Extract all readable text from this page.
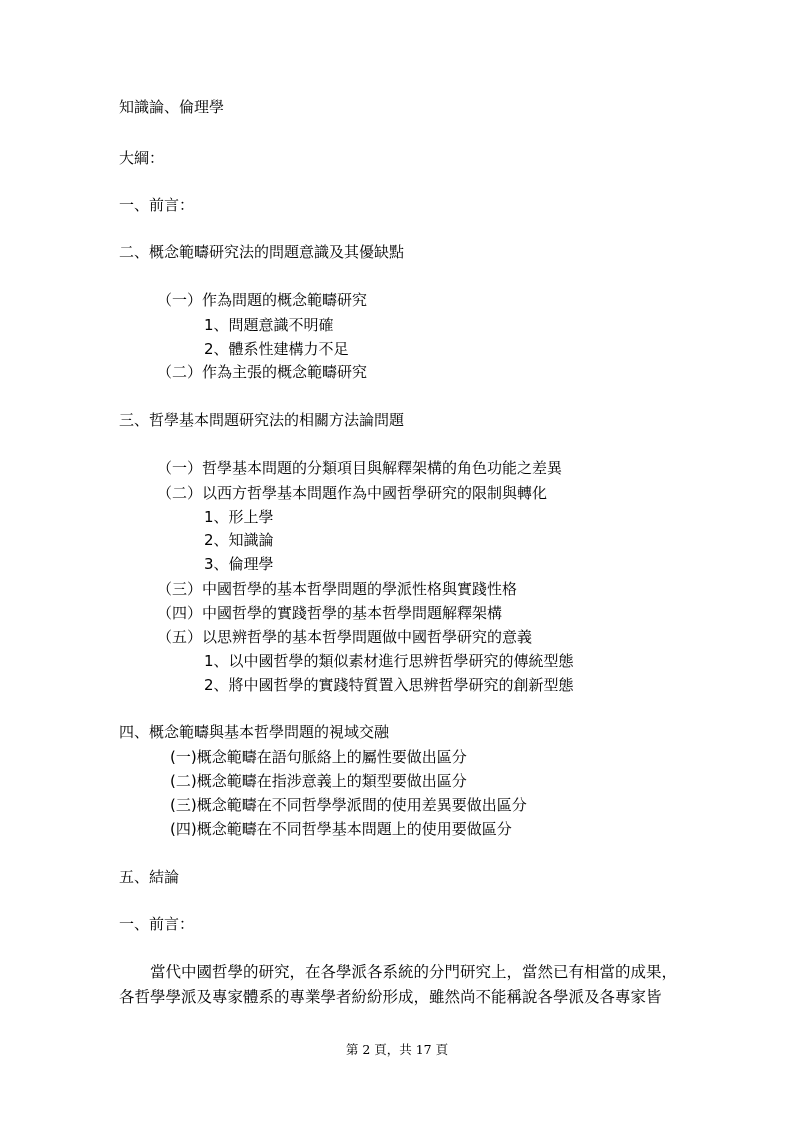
知識論、倫理學
大綱：
一、前言：
二、概念範疇研究法的問題意識及其優缺點
（一）作為問題的概念範疇研究
1、問題意識不明確
2、體系性建構力不足
（二）作為主張的概念範疇研究
三、哲學基本問題研究法的相關方法論問題
（一）哲學基本問題的分類項目與解釋架構的角色功能之差異
（二）以西方哲學基本問題作為中國哲學研究的限制與轉化
1、形上學
2、知識論
3、倫理學
（三）中國哲學的基本哲學問題的學派性格與實踐性格
（四）中國哲學的實踐哲學的基本哲學問題解釋架構
（五）以思辨哲學的基本哲學問題做中國哲學研究的意義
1、以中國哲學的類似素材進行思辨哲學研究的傳統型態
2、將中國哲學的實踐特質置入思辨哲學研究的創新型態
四、概念範疇與基本哲學問題的視域交融
(一)概念範疇在語句脈絡上的屬性要做出區分
(二)概念範疇在指涉意義上的類型要做出區分
(三)概念範疇在不同哲學學派間的使用差異要做出區分
(四)概念範疇在不同哲學基本問題上的使用要做區分
五、結論
一、前言：
當代中國哲學的研究，在各學派各系統的分門研究上，當然已有相當的成果，各哲學學派及專家體系的專業學者紛紛形成，雖然尚不能稱說各學派及各專家皆
第 2 頁，共 17 頁
